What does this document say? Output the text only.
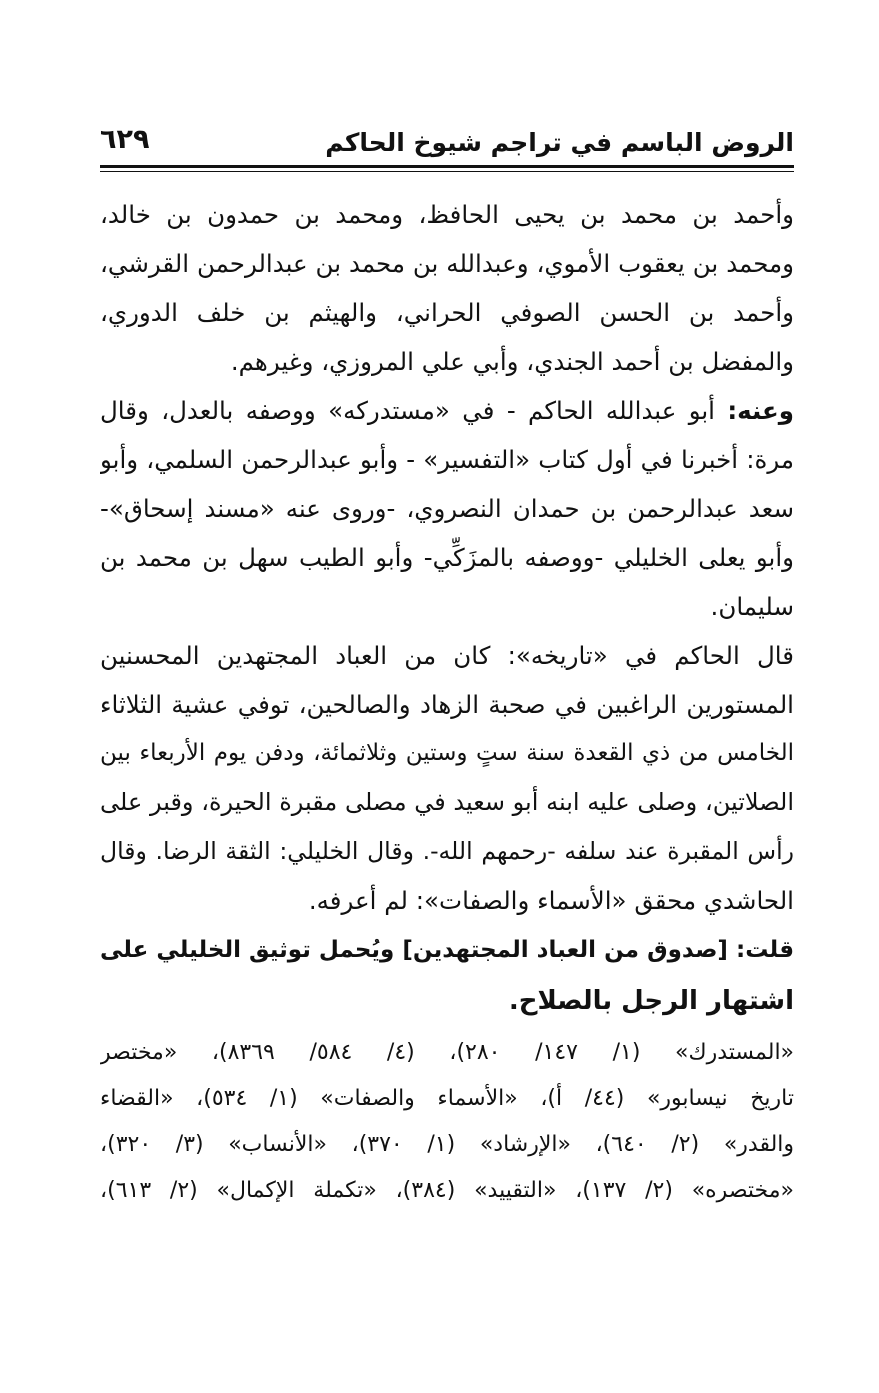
الروض الباسم في تراجم شيوخ الحاكم
٦٢٩
وأحمد بن محمد بن يحيى الحافظ، ومحمد بن حمدون بن خالد،
ومحمد بن يعقوب الأموي، وعبدالله بن محمد بن عبدالرحمن القرشي،
وأحمد بن الحسن الصوفي الحراني، والهيثم بن خلف الدوري،
والمفضل بن أحمد الجندي، وأبي علي المروزي، وغيرهم.
وعنه: أبو عبدالله الحاكم - في «مستدركه» ووصفه بالعدل، وقال
مرة: أخبرنا في أول كتاب «التفسير» - وأبو عبدالرحمن السلمي، وأبو
سعد عبدالرحمن بن حمدان النصروي، -وروى عنه «مسند إسحاق»-
وأبو يعلى الخليلي -ووصفه بالمزَكِّي- وأبو الطيب سهل بن محمد بن
سليمان.
قال الحاكم في «تاريخه»: كان من العباد المجتهدين المحسنين
المستورين الراغبين في صحبة الزهاد والصالحين، توفي عشية الثلاثاء
الخامس من ذي القعدة سنة ستٍ وستين وثلاثمائة، ودفن يوم الأربعاء بين
الصلاتين، وصلى عليه ابنه أبو سعيد في مصلى مقبرة الحيرة، وقبر على
رأس المقبرة عند سلفه -رحمهم الله-. وقال الخليلي: الثقة الرضا. وقال
الحاشدي محقق «الأسماء والصفات»: لم أعرفه.
قلت: [صدوق من العباد المجتهدين] ويُحمل توثيق الخليلي على
اشتهار الرجل بالصلاح.
«المستدرك» (١/ ١٤٧/ ٢٨٠)، (٤/ ٥٨٤/ ٨٣٦٩)، «مختصر
تاريخ نيسابور» (٤٤/ أ)، «الأسماء والصفات» (١/ ٥٣٤)، «القضاء
والقدر» (٢/ ٦٤٠)، «الإرشاد» (١/ ٣٧٠)، «الأنساب» (٣/ ٣٢٠)،
«مختصره» (٢/ ١٣٧)، «التقييد» (٣٨٤)، «تكملة الإكمال» (٢/ ٦١٣)،
